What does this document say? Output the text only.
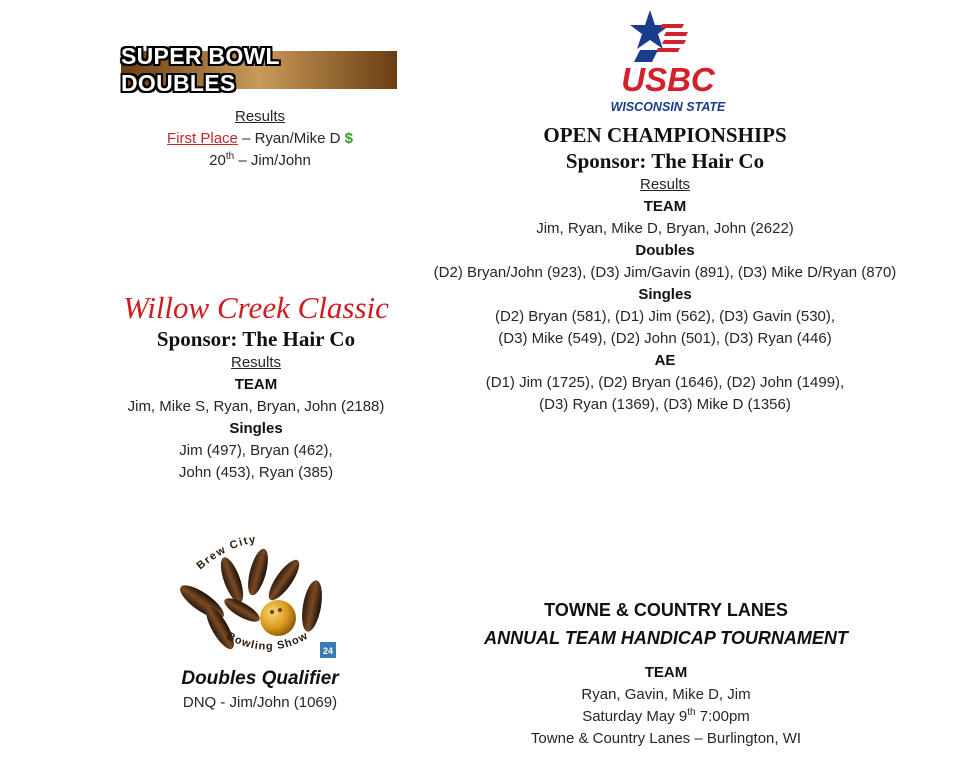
SUPER BOWL DOUBLES
Results
First Place – Ryan/Mike D $
20th – Jim/John
USBC
WISCONSIN STATE
OPEN CHAMPIONSHIPS
Sponsor: The Hair Co
Results
TEAM
Jim, Ryan, Mike D, Bryan, John (2622)
Doubles
(D2) Bryan/John (923), (D3) Jim/Gavin (891), (D3) Mike D/Ryan (870)
Singles
(D2) Bryan (581), (D1) Jim (562), (D3) Gavin (530),
(D3) Mike (549), (D2) John (501), (D3) Ryan (446)
AE
(D1) Jim (1725), (D2) Bryan (1646), (D2) John (1499),
(D3) Ryan (1369), (D3) Mike D (1356)
Willow Creek Classic
Sponsor: The Hair Co
Results
TEAM
Jim, Mike S, Ryan, Bryan, John (2188)
Singles
Jim (497), Bryan (462),
John (453), Ryan (385)
Brew City
Bowling Show
24
Doubles Qualifier
DNQ - Jim/John (1069)
TOWNE & COUNTRY LANES
ANNUAL TEAM HANDICAP TOURNAMENT
TEAM
Ryan, Gavin, Mike D, Jim
Saturday May 9th 7:00pm
Towne & Country Lanes – Burlington, WI
